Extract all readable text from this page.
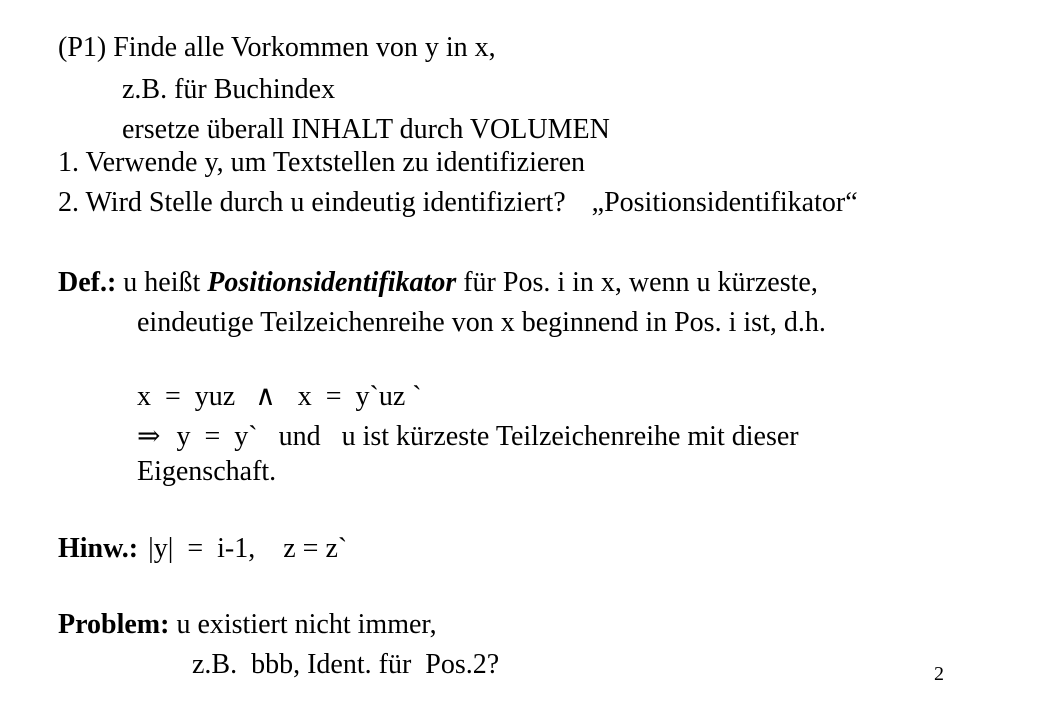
(P1) Finde alle Vorkommen von y in x,
z.B. für Buchindex
ersetze überall INHALT durch VOLUMEN
1. Verwende y, um Textstellen zu identifizieren
2. Wird Stelle durch u eindeutig identifiziert? „Positionsidentifikator“
Def.: u heißt Positionsidentifikator für Pos. i in x, wenn u kürzeste,
eindeutige Teilzeichenreihe von x beginnend in Pos. i ist, d.h.
x  =  yuz ∧ x  =  y`uz `
⇒ y  =  y`   und   u ist kürzeste Teilzeichenreihe mit dieser
Eigenschaft.
Hinw.: |y|  =  i-1,    z = z`
Problem: u existiert nicht immer,
z.B.  bbb, Ident. für  Pos.2?	2
